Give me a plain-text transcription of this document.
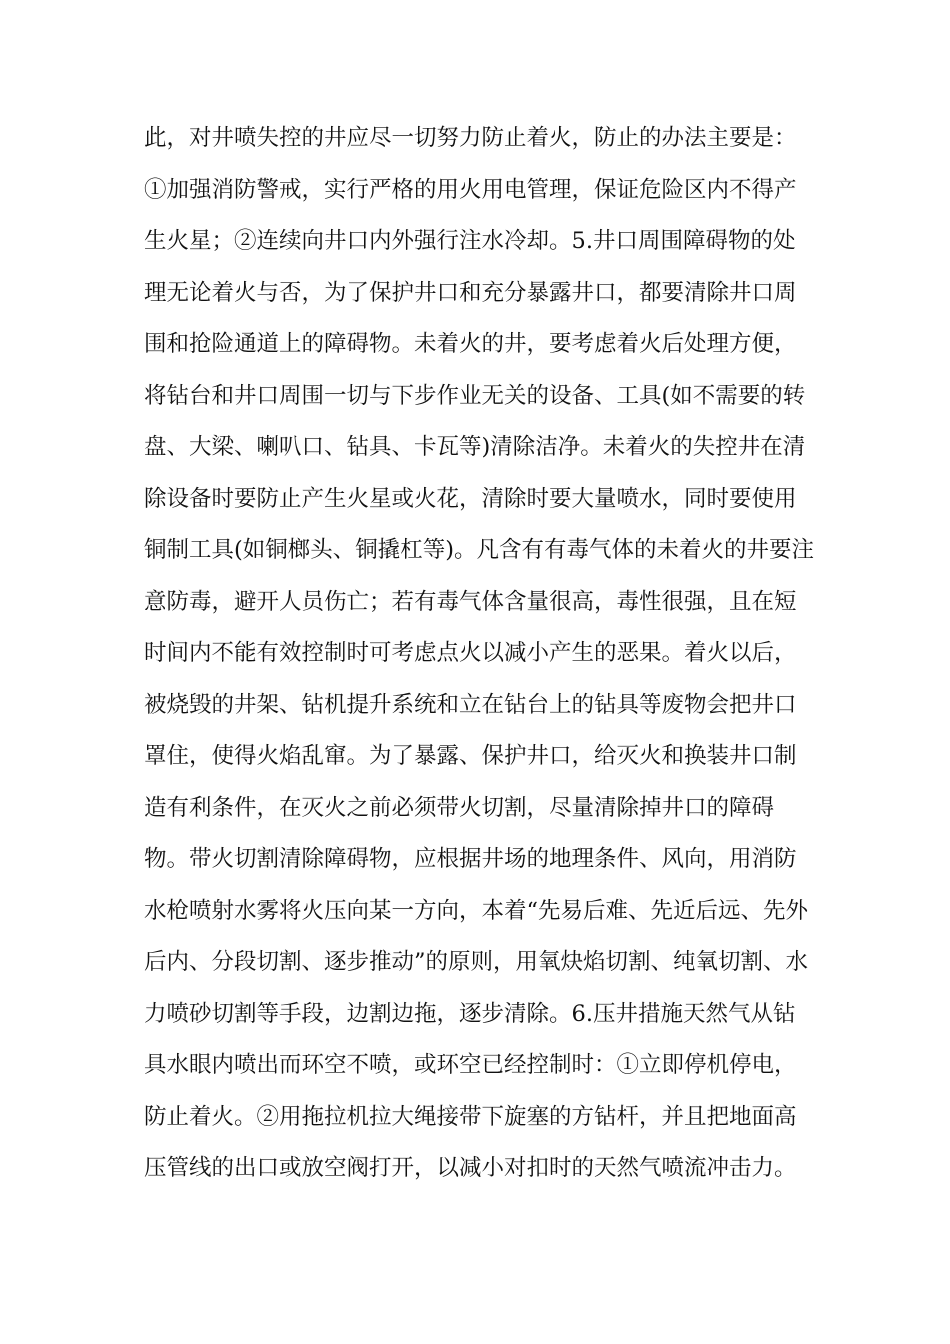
此，对井喷失控的井应尽一切努力防止着火，防止的办法主要是：
①加强消防警戒，实行严格的用火用电管理，保证危险区内不得产
生火星；②连续向井口内外强行注水冷却。5.井口周围障碍物的处
理无论着火与否，为了保护井口和充分暴露井口，都要清除井口周
围和抢险通道上的障碍物。未着火的井，要考虑着火后处理方便，
将钻台和井口周围一切与下步作业无关的设备、工具(如不需要的转
盘、大梁、喇叭口、钻具、卡瓦等)清除洁净。未着火的失控井在清
除设备时要防止产生火星或火花，清除时要大量喷水，同时要使用
铜制工具(如铜榔头、铜撬杠等)。凡含有有毒气体的未着火的井要注
意防毒，避开人员伤亡；若有毒气体含量很高，毒性很强，且在短
时间内不能有效控制时可考虑点火以减小产生的恶果。着火以后，
被烧毁的井架、钻机提升系统和立在钻台上的钻具等废物会把井口
罩住，使得火焰乱窜。为了暴露、保护井口，给灭火和换装井口制
造有利条件，在灭火之前必须带火切割，尽量清除掉井口的障碍
物。带火切割清除障碍物，应根据井场的地理条件、风向，用消防
水枪喷射水雾将火压向某一方向，本着“先易后难、先近后远、先外
后内、分段切割、逐步推动”的原则，用氧炔焰切割、纯氧切割、水
力喷砂切割等手段，边割边拖，逐步清除。6.压井措施天然气从钻
具水眼内喷出而环空不喷，或环空已经控制时：①立即停机停电，
防止着火。②用拖拉机拉大绳接带下旋塞的方钻杆，并且把地面高
压管线的出口或放空阀打开，以减小对扣时的天然气喷流冲击力。
